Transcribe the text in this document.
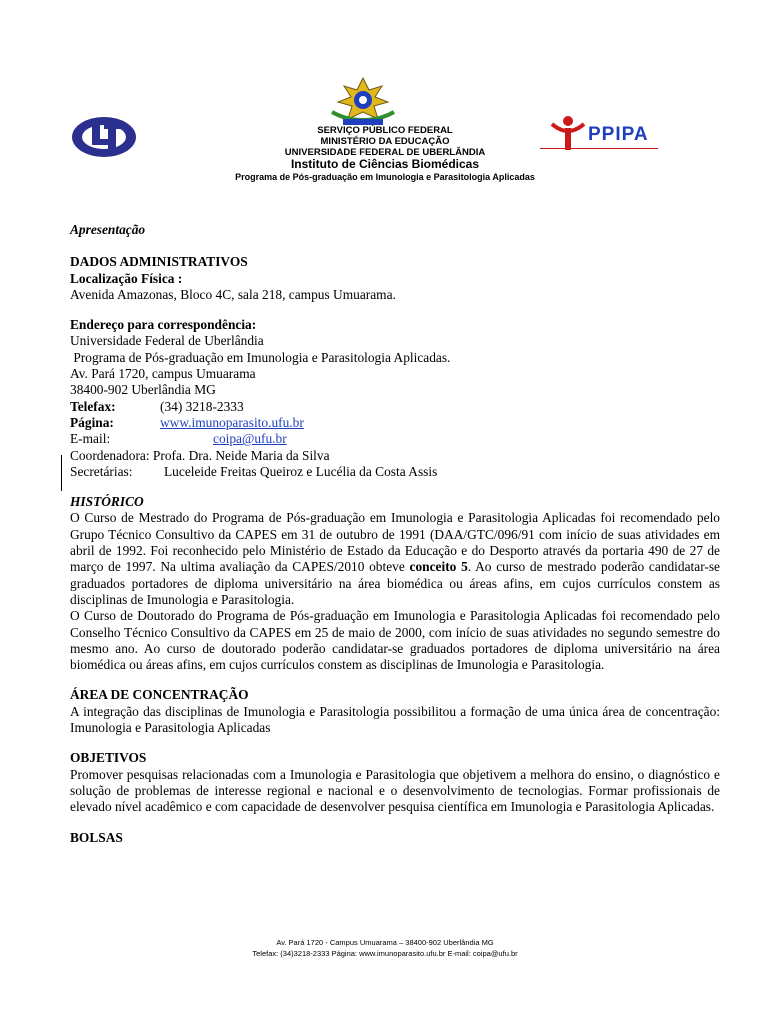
PPIPA
SERVIÇO PÚBLICO FEDERAL
MINISTÉRIO DA EDUCAÇÃO
UNIVERSIDADE FEDERAL DE UBERLÂNDIA
Instituto de Ciências Biomédicas
Programa de Pós-graduação em Imunologia e Parasitologia Aplicadas

Apresentação

DADOS ADMINISTRATIVOS

Localização Física :

Avenida Amazonas, Bloco 4C, sala 218, campus Umuarama.

Endereço para correspondência:

Universidade Federal de Uberlândia

Programa de Pós-graduação em Imunologia e Parasitologia Aplicadas.

Av. Pará 1720, campus Umuarama

38400-902 Uberlândia MG

Telefax:	(34) 3218-2333

Página:	www.imunoparasito.ufu.br

E-mail:	coipa@ufu.br

Coordenadora: Profa. Dra. Neide Maria da Silva

Secretárias: Luceleide Freitas Queiroz e Lucélia da Costa Assis

HISTÓRICO

O Curso de Mestrado do Programa de Pós-graduação em Imunologia e Parasitologia Aplicadas foi recomendado pelo Grupo Técnico Consultivo da CAPES em 31 de outubro de 1991 (DAA/GTC/096/91 com início de suas atividades em abril de 1992. Foi reconhecido pelo Ministério de Estado da Educação e do Desporto através da portaria 490 de 27 de março de 1997. Na ultima avaliação da CAPES/2010 obteve conceito 5. Ao curso de mestrado poderão candidatar-se graduados portadores de diploma universitário na área biomédica ou áreas afins, em cujos currículos constem as disciplinas de Imunologia e Parasitologia.

O Curso de Doutorado do Programa de Pós-graduação em Imunologia e Parasitologia Aplicadas foi recomendado pelo Conselho Técnico Consultivo da CAPES em 25 de maio de 2000, com início de suas atividades no segundo semestre do mesmo ano. Ao curso de doutorado poderão candidatar-se graduados portadores de diploma universitário na área biomédica ou áreas afins, em cujos currículos constem as disciplinas de Imunologia e Parasitologia.

ÁREA DE CONCENTRAÇÃO

A integração das disciplinas de Imunologia e Parasitologia possibilitou a formação de uma única área de concentração: Imunologia e Parasitologia Aplicadas

OBJETIVOS

Promover pesquisas relacionadas com a Imunologia e Parasitologia que objetivem a melhora do ensino, o diagnóstico e solução de problemas de interesse regional e nacional e o desenvolvimento de tecnologias. Formar profissionais de elevado nível acadêmico e com capacidade de desenvolver pesquisa científica em Imunologia e Parasitologia Aplicadas.

BOLSAS

Av. Pará 1720 - Campus Umuarama – 38400-902 Uberlândia MG
Telefax: (34)3218-2333 Página: www.imunoparasito.ufu.br E-mail: coipa@ufu.br
